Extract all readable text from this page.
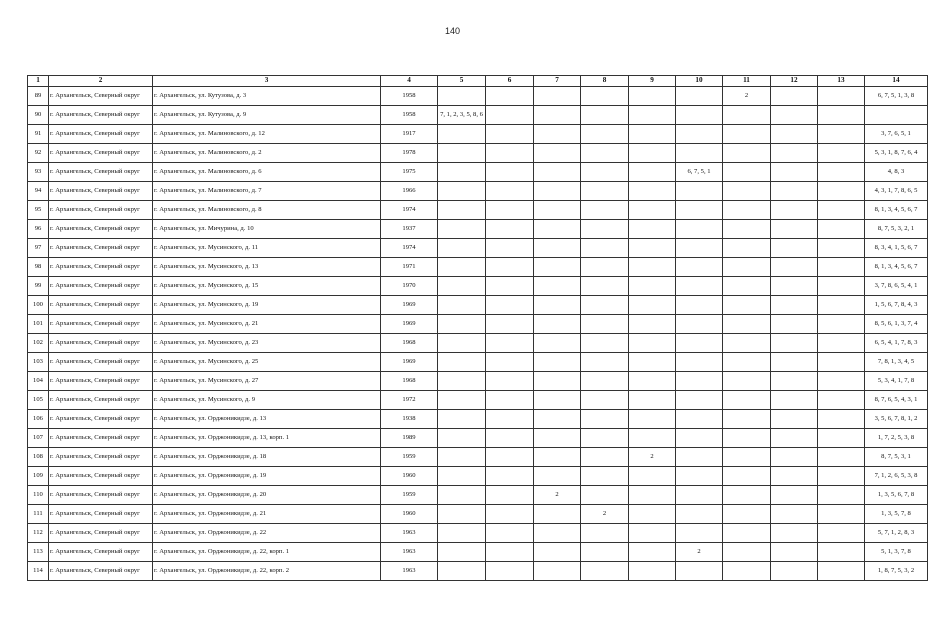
140
1	2	3	4	5	6	7	8	9	10	11	12	13	14
89	г. Архангельск, Северный округ	г. Архангельск, ул. Кутузова, д. 3	1958							2			6, 7, 5, 1, 3, 8
90	г. Архангельск, Северный округ	г. Архангельск, ул. Кутузова, д. 9	1958	7, 1, 2, 3, 5, 8, 6									
91	г. Архангельск, Северный округ	г. Архангельск, ул. Малиновского, д. 12	1917										3, 7, 6, 5, 1
92	г. Архангельск, Северный округ	г. Архангельск, ул. Малиновского, д. 2	1978										5, 3, 1, 8, 7, 6, 4
93	г. Архангельск, Северный округ	г. Архангельск, ул. Малиновского, д. 6	1975						6, 7, 5, 1				4, 8, 3
94	г. Архангельск, Северный округ	г. Архангельск, ул. Малиновского, д. 7	1966										4, 3, 1, 7, 8, 6, 5
95	г. Архангельск, Северный округ	г. Архангельск, ул. Малиновского, д. 8	1974										8, 1, 3, 4, 5, 6, 7
96	г. Архангельск, Северный округ	г. Архангельск, ул. Мичурина, д. 10	1937										8, 7, 5, 3, 2, 1
97	г. Архангельск, Северный округ	г. Архангельск, ул. Мусинского, д. 11	1974										8, 3, 4, 1, 5, 6, 7
98	г. Архангельск, Северный округ	г. Архангельск, ул. Мусинского, д. 13	1971										8, 1, 3, 4, 5, 6, 7
99	г. Архангельск, Северный округ	г. Архангельск, ул. Мусинского, д. 15	1970										3, 7, 8, 6, 5, 4, 1
100	г. Архангельск, Северный округ	г. Архангельск, ул. Мусинского, д. 19	1969										1, 5, 6, 7, 8, 4, 3
101	г. Архангельск, Северный округ	г. Архангельск, ул. Мусинского, д. 21	1969										8, 5, 6, 1, 3, 7, 4
102	г. Архангельск, Северный округ	г. Архангельск, ул. Мусинского, д. 23	1968										6, 5, 4, 1, 7, 8, 3
103	г. Архангельск, Северный округ	г. Архангельск, ул. Мусинского, д. 25	1969										7, 8, 1, 3, 4, 5
104	г. Архангельск, Северный округ	г. Архангельск, ул. Мусинского, д. 27	1968										5, 3, 4, 1, 7, 8
105	г. Архангельск, Северный округ	г. Архангельск, ул. Мусинского, д. 9	1972										8, 7, 6, 5, 4, 3, 1
106	г. Архангельск, Северный округ	г. Архангельск, ул. Орджоникидзе, д. 13	1938										3, 5, 6, 7, 8, 1, 2
107	г. Архангельск, Северный округ	г. Архангельск, ул. Орджоникидзе, д. 13, корп. 1	1989										1, 7, 2, 5, 3, 8
108	г. Архангельск, Северный округ	г. Архангельск, ул. Орджоникидзе, д. 18	1959					2					8, 7, 5, 3, 1
109	г. Архангельск, Северный округ	г. Архангельск, ул. Орджоникидзе, д. 19	1960										7, 1, 2, 6, 5, 3, 8
110	г. Архангельск, Северный округ	г. Архангельск, ул. Орджоникидзе, д. 20	1959			2							1, 3, 5, 6, 7, 8
111	г. Архангельск, Северный округ	г. Архангельск, ул. Орджоникидзе, д. 21	1960				2						1, 3, 5, 7, 8
112	г. Архангельск, Северный округ	г. Архангельск, ул. Орджоникидзе, д. 22	1963										5, 7, 1, 2, 8, 3
113	г. Архангельск, Северный округ	г. Архангельск, ул. Орджоникидзе, д. 22, корп. 1	1963						2				5, 1, 3, 7, 8
114	г. Архангельск, Северный округ	г. Архангельск, ул. Орджоникидзе, д. 22, корп. 2	1963										1, 8, 7, 5, 3, 2
